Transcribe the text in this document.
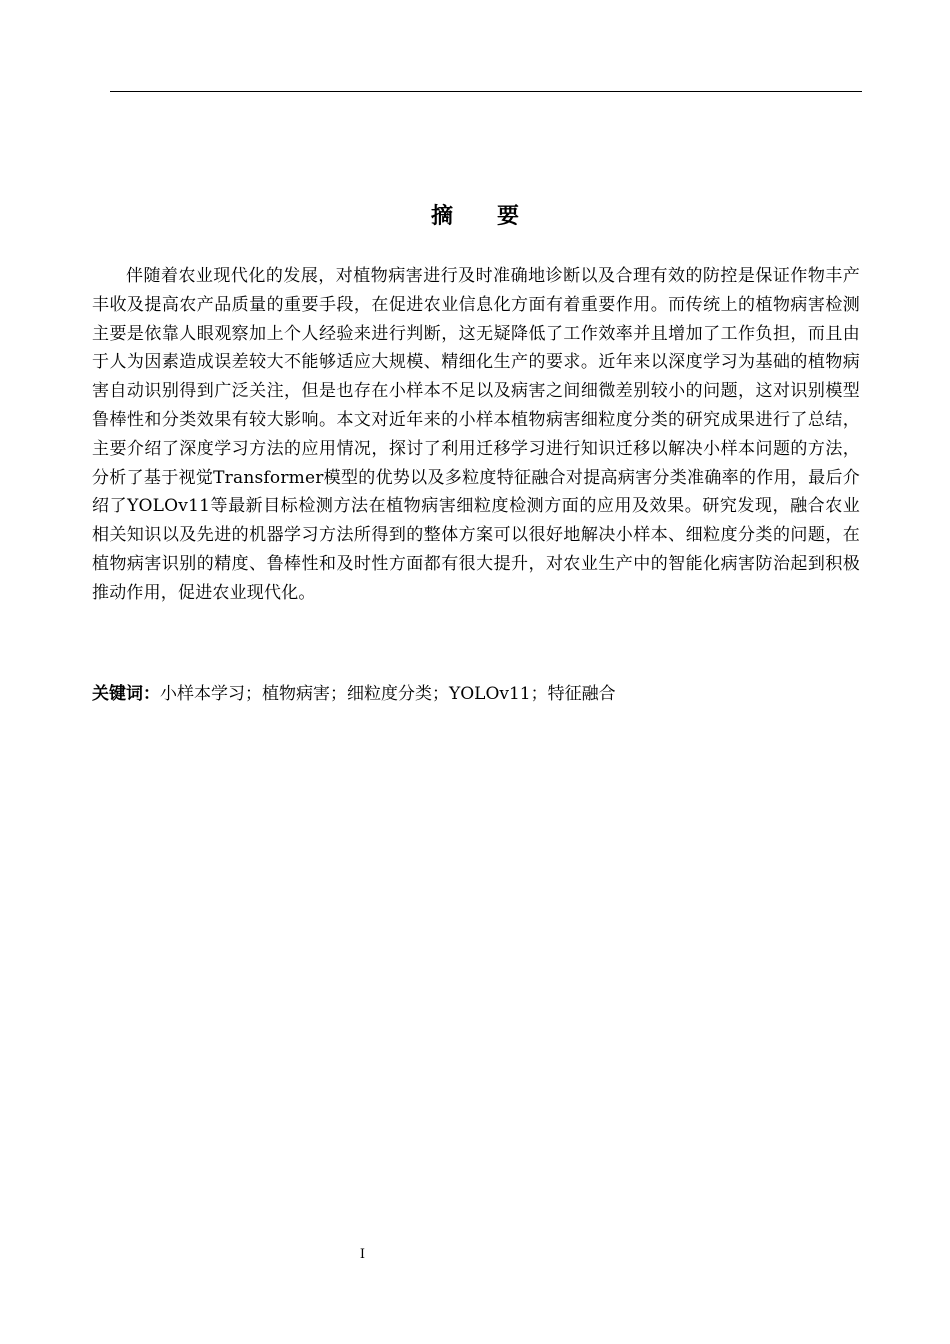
摘要

伴随着农业现代化的发展，对植物病害进行及时准确地诊断以及合理有效的防控是保证作物丰产丰收及提高农产品质量的重要手段，在促进农业信息化方面有着重要作用。而传统上的植物病害检测主要是依靠人眼观察加上个人经验来进行判断，这无疑降低了工作效率并且增加了工作负担，而且由于人为因素造成误差较大不能够适应大规模、精细化生产的要求。近年来以深度学习为基础的植物病害自动识别得到广泛关注，但是也存在小样本不足以及病害之间细微差别较小的问题，这对识别模型鲁棒性和分类效果有较大影响。本文对近年来的小样本植物病害细粒度分类的研究成果进行了总结，主要介绍了深度学习方法的应用情况，探讨了利用迁移学习进行知识迁移以解决小样本问题的方法，分析了基于视觉Transformer模型的优势以及多粒度特征融合对提高病害分类准确率的作用，最后介绍了YOLOv11等最新目标检测方法在植物病害细粒度检测方面的应用及效果。研究发现，融合农业相关知识以及先进的机器学习方法所得到的整体方案可以很好地解决小样本、细粒度分类的问题，在植物病害识别的精度、鲁棒性和及时性方面都有很大提升，对农业生产中的智能化病害防治起到积极推动作用，促进农业现代化。

关键词：小样本学习；植物病害；细粒度分类；YOLOv11；特征融合
I
